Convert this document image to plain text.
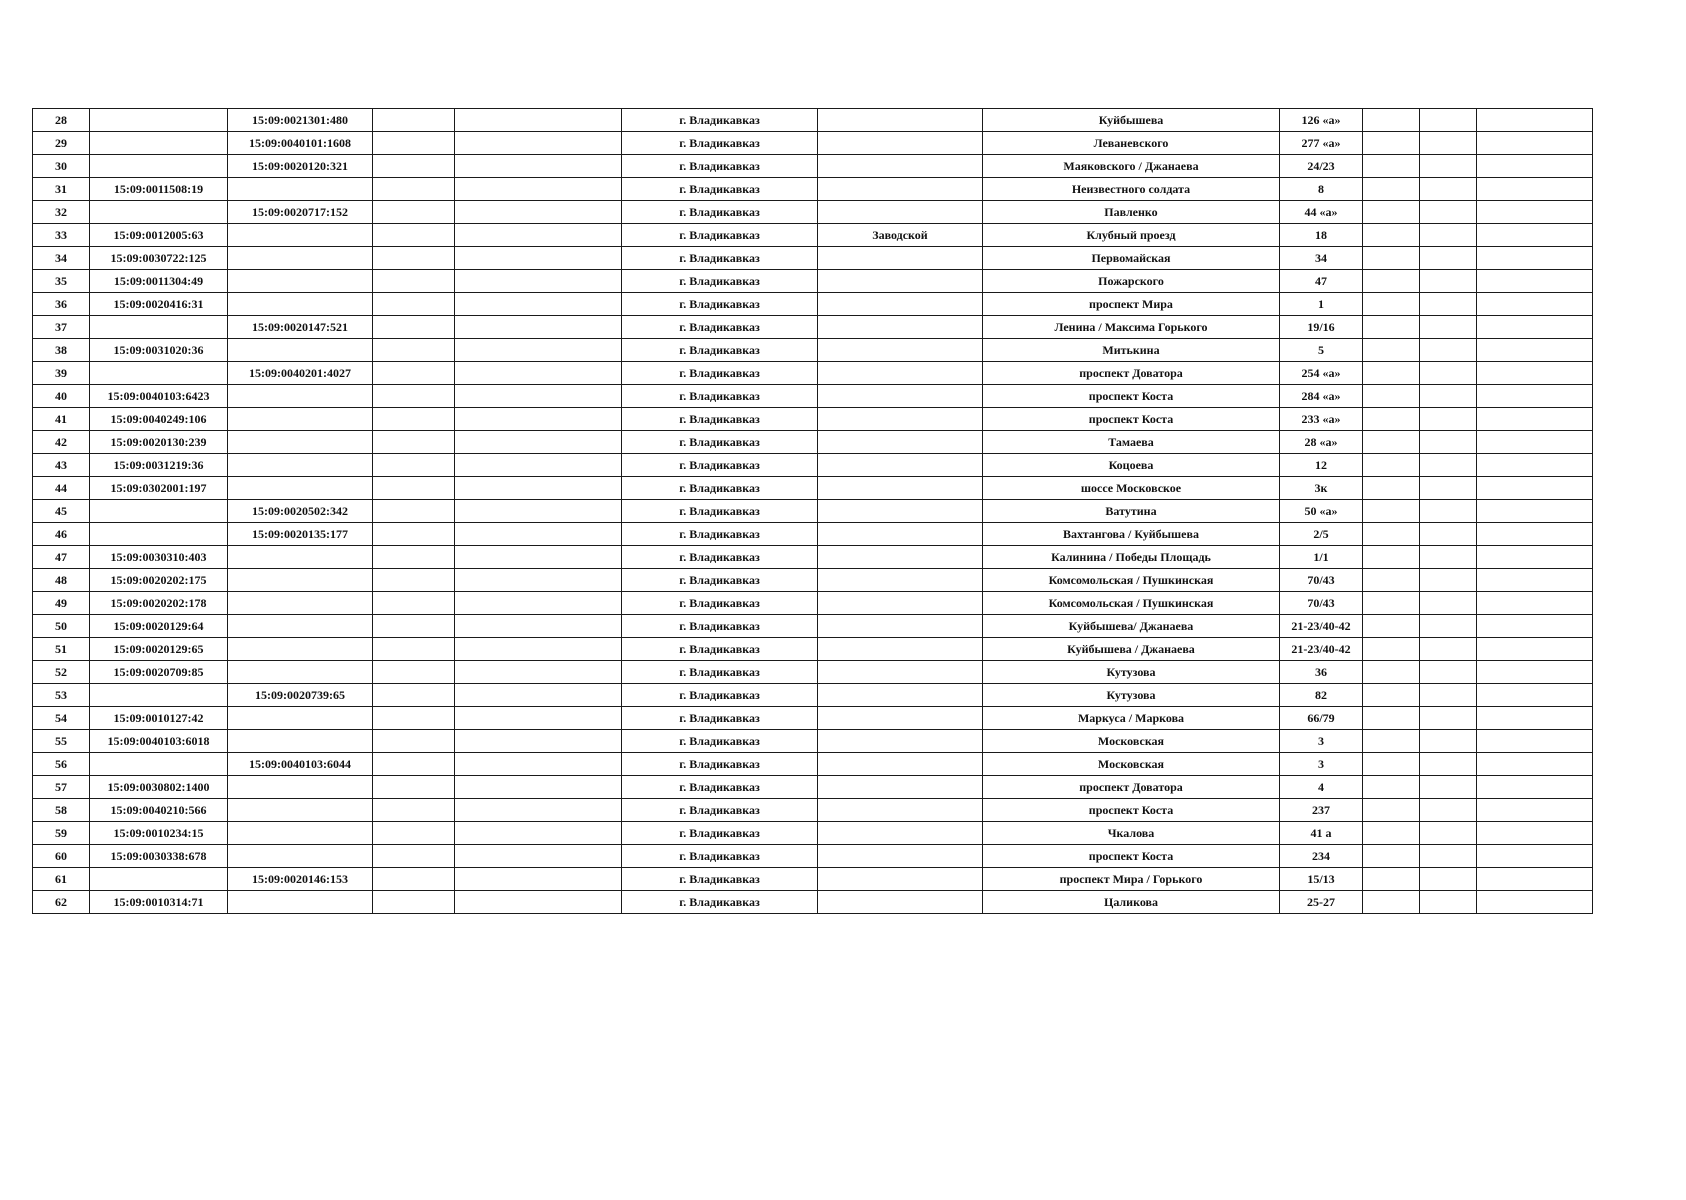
28		15:09:0021301:480			г. Владикавказ		Куйбышева	126 «а»			
29		15:09:0040101:1608			г. Владикавказ		Леваневского	277 «а»			
30		15:09:0020120:321			г. Владикавказ		Маяковского / Джанаева	24/23			
31	15:09:0011508:19				г. Владикавказ		Неизвестного солдата	8			
32		15:09:0020717:152			г. Владикавказ		Павленко	44 «а»			
33	15:09:0012005:63				г. Владикавказ	Заводской	Клубный проезд	18			
34	15:09:0030722:125				г. Владикавказ		Первомайская	34			
35	15:09:0011304:49				г. Владикавказ		Пожарского	47			
36	15:09:0020416:31				г. Владикавказ		проспект Мира	1			
37		15:09:0020147:521			г. Владикавказ		Ленина / Максима Горького	19/16			
38	15:09:0031020:36				г. Владикавказ		Митькина	5			
39		15:09:0040201:4027			г. Владикавказ		проспект Доватора	254 «а»			
40	15:09:0040103:6423				г. Владикавказ		проспект Коста	284 «а»			
41	15:09:0040249:106				г. Владикавказ		проспект Коста	233 «а»			
42	15:09:0020130:239				г. Владикавказ		Тамаева	28 «а»			
43	15:09:0031219:36				г. Владикавказ		Коцоева	12			
44	15:09:0302001:197				г. Владикавказ		шоссе Московское	3к			
45		15:09:0020502:342			г. Владикавказ		Ватутина	50 «а»			
46		15:09:0020135:177			г. Владикавказ		Вахтангова / Куйбышева	2/5			
47	15:09:0030310:403				г. Владикавказ		Калинина / Победы Площадь	1/1			
48	15:09:0020202:175				г. Владикавказ		Комсомольская / Пушкинская	70/43			
49	15:09:0020202:178				г. Владикавказ		Комсомольская / Пушкинская	70/43			
50	15:09:0020129:64				г. Владикавказ		Куйбышева/ Джанаева	21-23/40-42			
51	15:09:0020129:65				г. Владикавказ		Куйбышева / Джанаева	21-23/40-42			
52	15:09:0020709:85				г. Владикавказ		Кутузова	36			
53		15:09:0020739:65			г. Владикавказ		Кутузова	82			
54	15:09:0010127:42				г. Владикавказ		Маркуса / Маркова	66/79			
55	15:09:0040103:6018				г. Владикавказ		Московская	3			
56		15:09:0040103:6044			г. Владикавказ		Московская	3			
57	15:09:0030802:1400				г. Владикавказ		проспект Доватора	4			
58	15:09:0040210:566				г. Владикавказ		проспект Коста	237			
59	15:09:0010234:15				г. Владикавказ		Чкалова	41 а			
60	15:09:0030338:678				г. Владикавказ		проспект Коста	234			
61		15:09:0020146:153			г. Владикавказ		проспект Мира / Горького	15/13			
62	15:09:0010314:71				г. Владикавказ		Цаликова	25-27			
